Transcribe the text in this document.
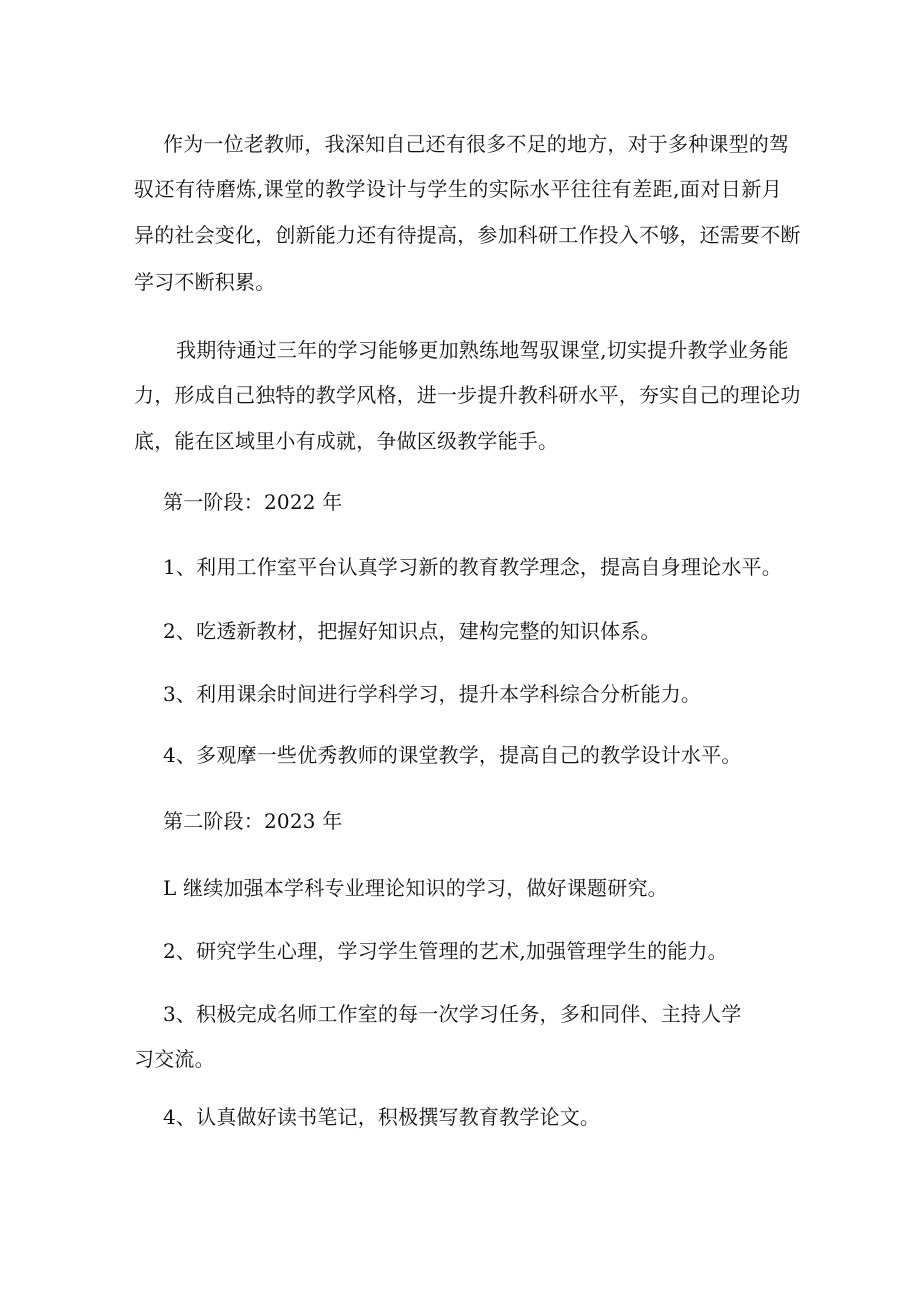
作为一位老教师，我深知自己还有很多不足的地方，对于多种课型的驾
驭还有待磨炼,课堂的教学设计与学生的实际水平往往有差距,面对日新月
异的社会变化，创新能力还有待提高，参加科研工作投入不够，还需要不断
学习不断积累。
我期待通过三年的学习能够更加熟练地驾驭课堂,切实提升教学业务能
力，形成自己独特的教学风格，进一步提升教科研水平，夯实自己的理论功
底，能在区域里小有成就，争做区级教学能手。
第一阶段：2022 年
1、利用工作室平台认真学习新的教育教学理念，提高自身理论水平。
2、吃透新教材，把握好知识点，建构完整的知识体系。
3、利用课余时间进行学科学习，提升本学科综合分析能力。
4、多观摩一些优秀教师的课堂教学，提高自己的教学设计水平。
第二阶段：2023 年
L 继续加强本学科专业理论知识的学习，做好课题研究。
2、研究学生心理，学习学生管理的艺术,加强管理学生的能力。
3、积极完成名师工作室的每一次学习任务，多和同伴、主持人学
习交流。
4、认真做好读书笔记，积极撰写教育教学论文。
